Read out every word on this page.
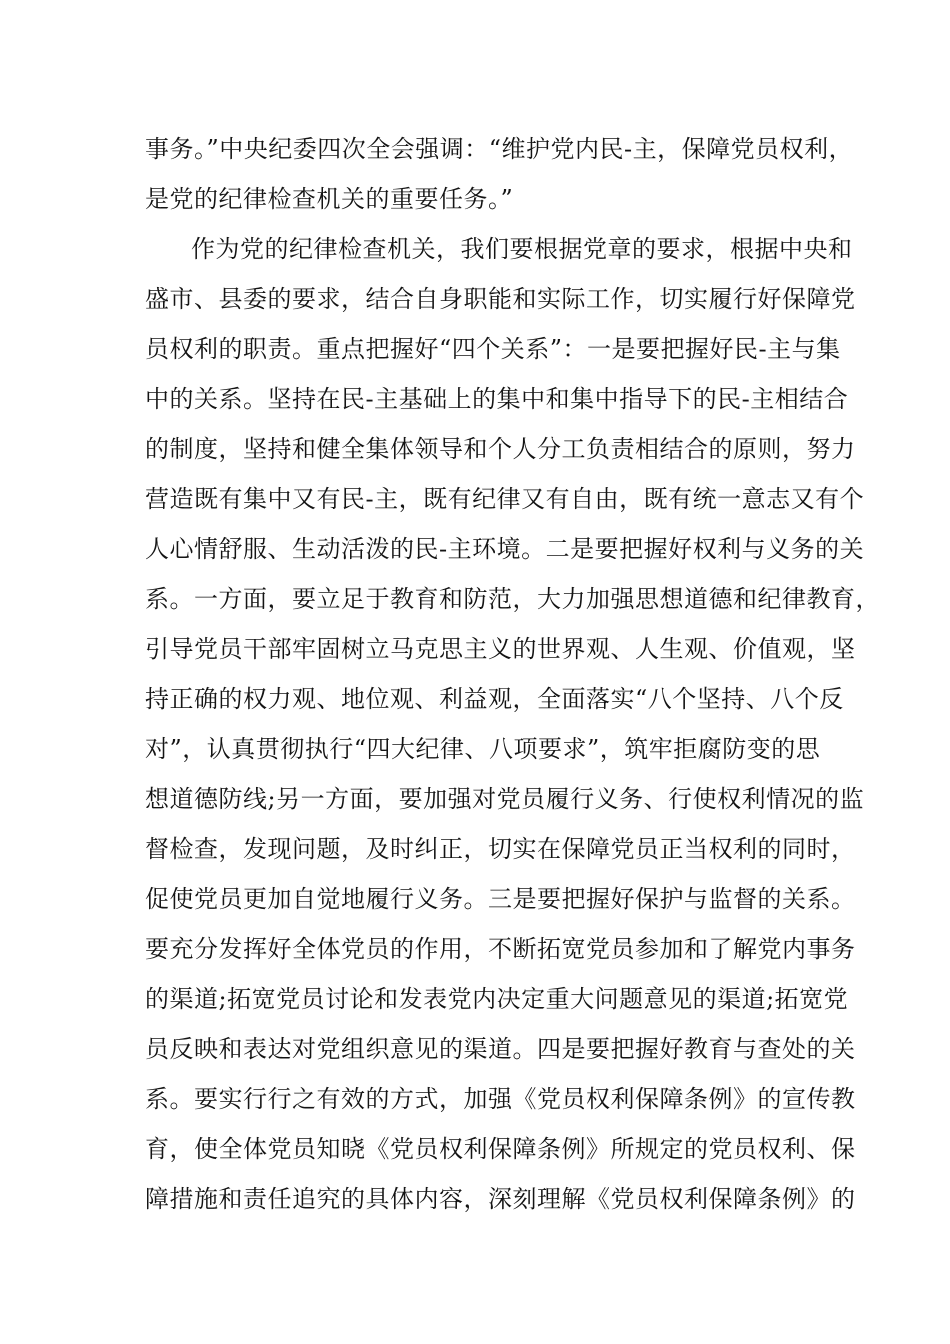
事务。”中央纪委四次全会强调：“维护党内民-主，保障党员权利，
是党的纪律检查机关的重要任务。”
作为党的纪律检查机关，我们要根据党章的要求，根据中央和
盛市、县委的要求，结合自身职能和实际工作，切实履行好保障党
员权利的职责。重点把握好“四个关系”：一是要把握好民-主与集
中的关系。坚持在民-主基础上的集中和集中指导下的民-主相结合
的制度，坚持和健全集体领导和个人分工负责相结合的原则，努力
营造既有集中又有民-主，既有纪律又有自由，既有统一意志又有个
人心情舒服、生动活泼的民-主环境。二是要把握好权利与义务的关
系。一方面，要立足于教育和防范，大力加强思想道德和纪律教育，
引导党员干部牢固树立马克思主义的世界观、人生观、价值观，坚
持正确的权力观、地位观、利益观，全面落实“八个坚持、八个反
对”，认真贯彻执行“四大纪律、八项要求”，筑牢拒腐防变的思
想道德防线;另一方面，要加强对党员履行义务、行使权利情况的监
督检查，发现问题，及时纠正，切实在保障党员正当权利的同时，
促使党员更加自觉地履行义务。三是要把握好保护与监督的关系。
要充分发挥好全体党员的作用，不断拓宽党员参加和了解党内事务
的渠道;拓宽党员讨论和发表党内决定重大问题意见的渠道;拓宽党
员反映和表达对党组织意见的渠道。四是要把握好教育与查处的关
系。要实行行之有效的方式，加强《党员权利保障条例》的宣传教
育，使全体党员知晓《党员权利保障条例》所规定的党员权利、保
障措施和责任追究的具体内容，深刻理解《党员权利保障条例》的
